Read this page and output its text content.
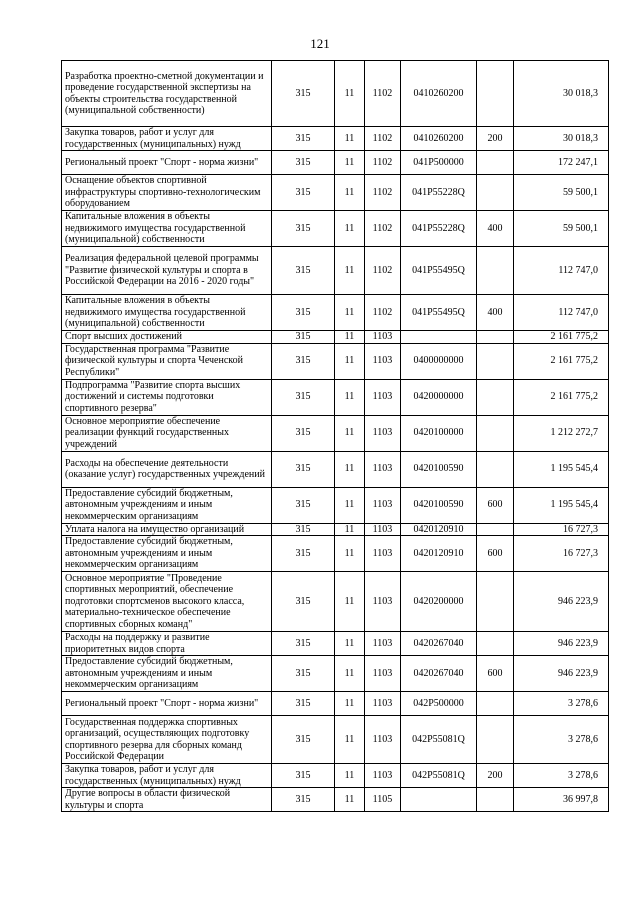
121
Разработка проектно-сметной документации и проведение государственной экспертизы на объекты строительства государственной (муниципальной собственности)	315	11	1102	0410260200		30 018,3
Закупка товаров, работ и услуг для государственных (муниципальных) нужд	315	11	1102	0410260200	200	30 018,3
Региональный проект "Спорт - норма жизни"	315	11	1102	041P500000		172 247,1
Оснащение объектов спортивной инфраструктуры спортивно-технологическим оборудованием	315	11	1102	041P55228Q		59 500,1
Капитальные вложения в объекты недвижимого имущества государственной (муниципальной) собственности	315	11	1102	041P55228Q	400	59 500,1
Реализация федеральной целевой программы "Развитие физической культуры и спорта в Российской Федерации на 2016 - 2020 годы"	315	11	1102	041P55495Q		112 747,0
Капитальные вложения в объекты недвижимого имущества государственной (муниципальной) собственности	315	11	1102	041P55495Q	400	112 747,0
Спорт высших достижений	315	11	1103			2 161 775,2
Государственная программа "Развитие физической культуры и спорта Чеченской Республики"	315	11	1103	0400000000		2 161 775,2
Подпрограмма "Развитие спорта высших достижений и системы подготовки спортивного резерва"	315	11	1103	0420000000		2 161 775,2
Основное мероприятие обеспечение реализации функций государственных учреждений	315	11	1103	0420100000		1 212 272,7
Расходы на обеспечение деятельности (оказание услуг) государственных учреждений	315	11	1103	0420100590		1 195 545,4
Предоставление субсидий бюджетным, автономным учреждениям и иным некоммерческим организациям	315	11	1103	0420100590	600	1 195 545,4
Уплата налога на имущество организаций	315	11	1103	0420120910		16 727,3
Предоставление субсидий бюджетным, автономным учреждениям и иным некоммерческим организациям	315	11	1103	0420120910	600	16 727,3
Основное мероприятие "Проведение спортивных мероприятий, обеспечение подготовки спортсменов высокого класса, материально-техническое обеспечение спортивных сборных команд"	315	11	1103	0420200000		946 223,9
Расходы на поддержку и развитие приоритетных видов спорта	315	11	1103	0420267040		946 223,9
Предоставление субсидий бюджетным, автономным учреждениям и иным некоммерческим организациям	315	11	1103	0420267040	600	946 223,9
Региональный проект "Спорт - норма жизни"	315	11	1103	042P500000		3 278,6
Государственная поддержка спортивных организаций, осуществляющих подготовку спортивного резерва для сборных команд Российской Федерации	315	11	1103	042P55081Q		3 278,6
Закупка товаров, работ и услуг для государственных (муниципальных) нужд	315	11	1103	042P55081Q	200	3 278,6
Другие вопросы в области физической культуры и спорта	315	11	1105			36 997,8
